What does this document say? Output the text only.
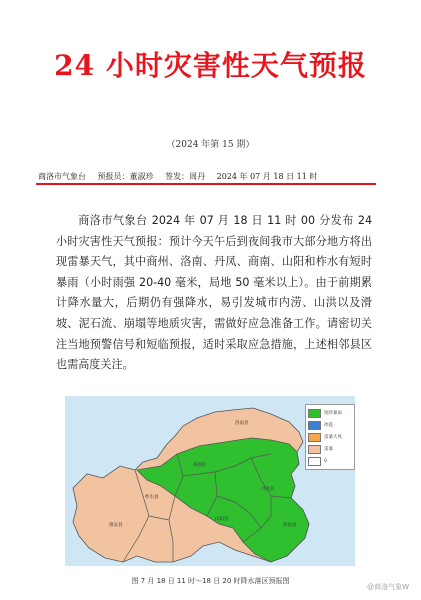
24 小时灾害性天气预报
（2024 年第 15 期）
商洛市气象台 预报员：董淑珍 签发：周丹 2024 年 07 月 18 日 11 时
商洛市气象台 2024 年 07 月 18 日 11 时 00 分发布 24 小时灾害性天气预报：预计今天午后到夜间我市大部分地方将出现雷暴天气，其中商州、洛南、丹凤、商南、山阳和柞水有短时暴雨（小时雨强 20-40 毫米，局地 50 毫米以上）。由于前期累计降水量大，后期仍有强降水，易引发城市内涝、山洪以及滑坡、泥石流、崩塌等地质灾害，需做好应急准备工作。请密切关注当地预警信号和短临预报，适时采取应急措施，上述相邻县区也需高度关注。
短时暴雨
冰雹
雷暴大风
雷暴
0
洛南县
商州区
丹凤县
商南县
山阳县
柞水县
镇安县
图 7 月 18 日 11 时～18 日 20 时降水落区预报图
@商洛气象W
